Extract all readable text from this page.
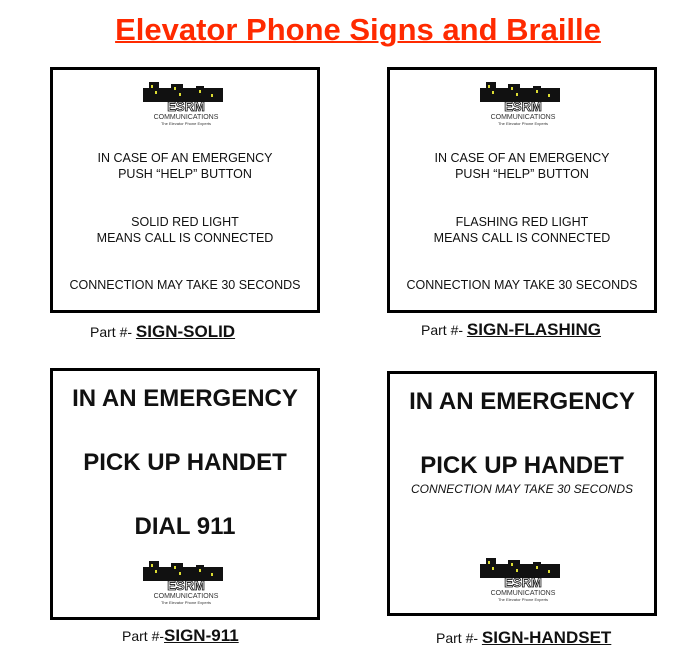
Elevator Phone Signs and Braille
ESRM
COMMUNICATIONS
The Elevator Phone Experts
IN CASE OF AN EMERGENCY
PUSH “HELP” BUTTON
SOLID RED LIGHT
MEANS CALL IS CONNECTED
CONNECTION MAY TAKE 30 SECONDS
Part #- SIGN-SOLID
ESRM
COMMUNICATIONS
The Elevator Phone Experts
IN CASE OF AN EMERGENCY
PUSH “HELP” BUTTON
FLASHING RED LIGHT
MEANS CALL IS CONNECTED
CONNECTION MAY TAKE 30 SECONDS
Part #- SIGN-FLASHING
IN AN EMERGENCY
PICK UP HANDET
DIAL 911
ESRM
COMMUNICATIONS
The Elevator Phone Experts
Part #-SIGN-911
IN AN EMERGENCY
PICK UP HANDET
CONNECTION MAY TAKE 30 SECONDS
ESRM
COMMUNICATIONS
The Elevator Phone Experts
Part #- SIGN-HANDSET
